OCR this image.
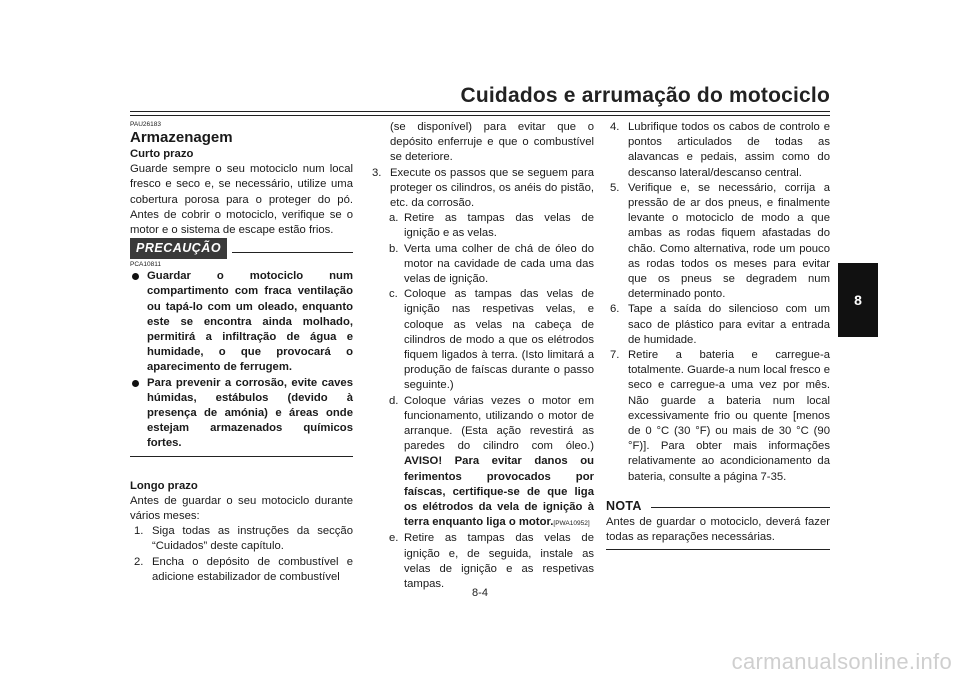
Cuidados e arrumação do motociclo
8

PAU26183

Armazenagem

Curto prazo

Guarde sempre o seu motociclo num local fresco e seco e, se necessário, utilize uma cobertura porosa para o proteger do pó. Antes de cobrir o motociclo, verifique se o motor e o sistema de escape estão frios.

PRECAUÇÃO

PCA10811

Guardar o motociclo num compartimento com fraca ventilação ou tapá-lo com um oleado, enquanto este se encontra ainda molhado, permitirá a infiltração de água e humidade, o que provocará o aparecimento de ferrugem.
Para prevenir a corrosão, evite caves húmidas, estábulos (devido à presença de amónia) e áreas onde estejam armazenados químicos fortes.

Longo prazo

Antes de guardar o seu motociclo durante vários meses:

1. Siga todas as instruções da secção “Cuidados” deste capítulo.
2. Encha o depósito de combustível e adicione estabilizador de combustível

(se disponível) para evitar que o depósito enferruje e que o combustível se deteriore.

3. Execute os passos que se seguem para proteger os cilindros, os anéis do pistão, etc. da corrosão.
a. Retire as tampas das velas de ignição e as velas.
b. Verta uma colher de chá de óleo do motor na cavidade de cada uma das velas de ignição.
c. Coloque as tampas das velas de ignição nas respetivas velas, e coloque as velas na cabeça de cilindros de modo a que os elétrodos fiquem ligados à terra. (Isto limitará a produção de faíscas durante o passo seguinte.)
d. Coloque várias vezes o motor em funcionamento, utilizando o motor de arranque. (Esta ação revestirá as paredes do cilindro com óleo.) AVISO! Para evitar danos ou ferimentos provocados por faíscas, certifique-se de que liga os elétrodos da vela de ignição à terra enquanto liga o motor.[PWA10952]
e. Retire as tampas das velas de ignição e, de seguida, instale as velas de ignição e as respetivas tampas.
4. Lubrifique todos os cabos de controlo e pontos articulados de todas as alavancas e pedais, assim como do descanso lateral/descanso central.
5. Verifique e, se necessário, corrija a pressão de ar dos pneus, e finalmente levante o motociclo de modo a que ambas as rodas fiquem afastadas do chão. Como alternativa, rode um pouco as rodas todos os meses para evitar que os pneus se degradem num determinado ponto.
6. Tape a saída do silencioso com um saco de plástico para evitar a entrada de humidade.
7. Retire a bateria e carregue-a totalmente. Guarde-a num local fresco e seco e carregue-a uma vez por mês. Não guarde a bateria num local excessivamente frio ou quente [menos de 0 °C (30 °F) ou mais de 30 °C (90 °F)]. Para obter mais informações relativamente ao acondicionamento da bateria, consulte a página 7-35.
NOTA

Antes de guardar o motociclo, deverá fazer todas as reparações necessárias.

8-4
carmanualsonline.info
